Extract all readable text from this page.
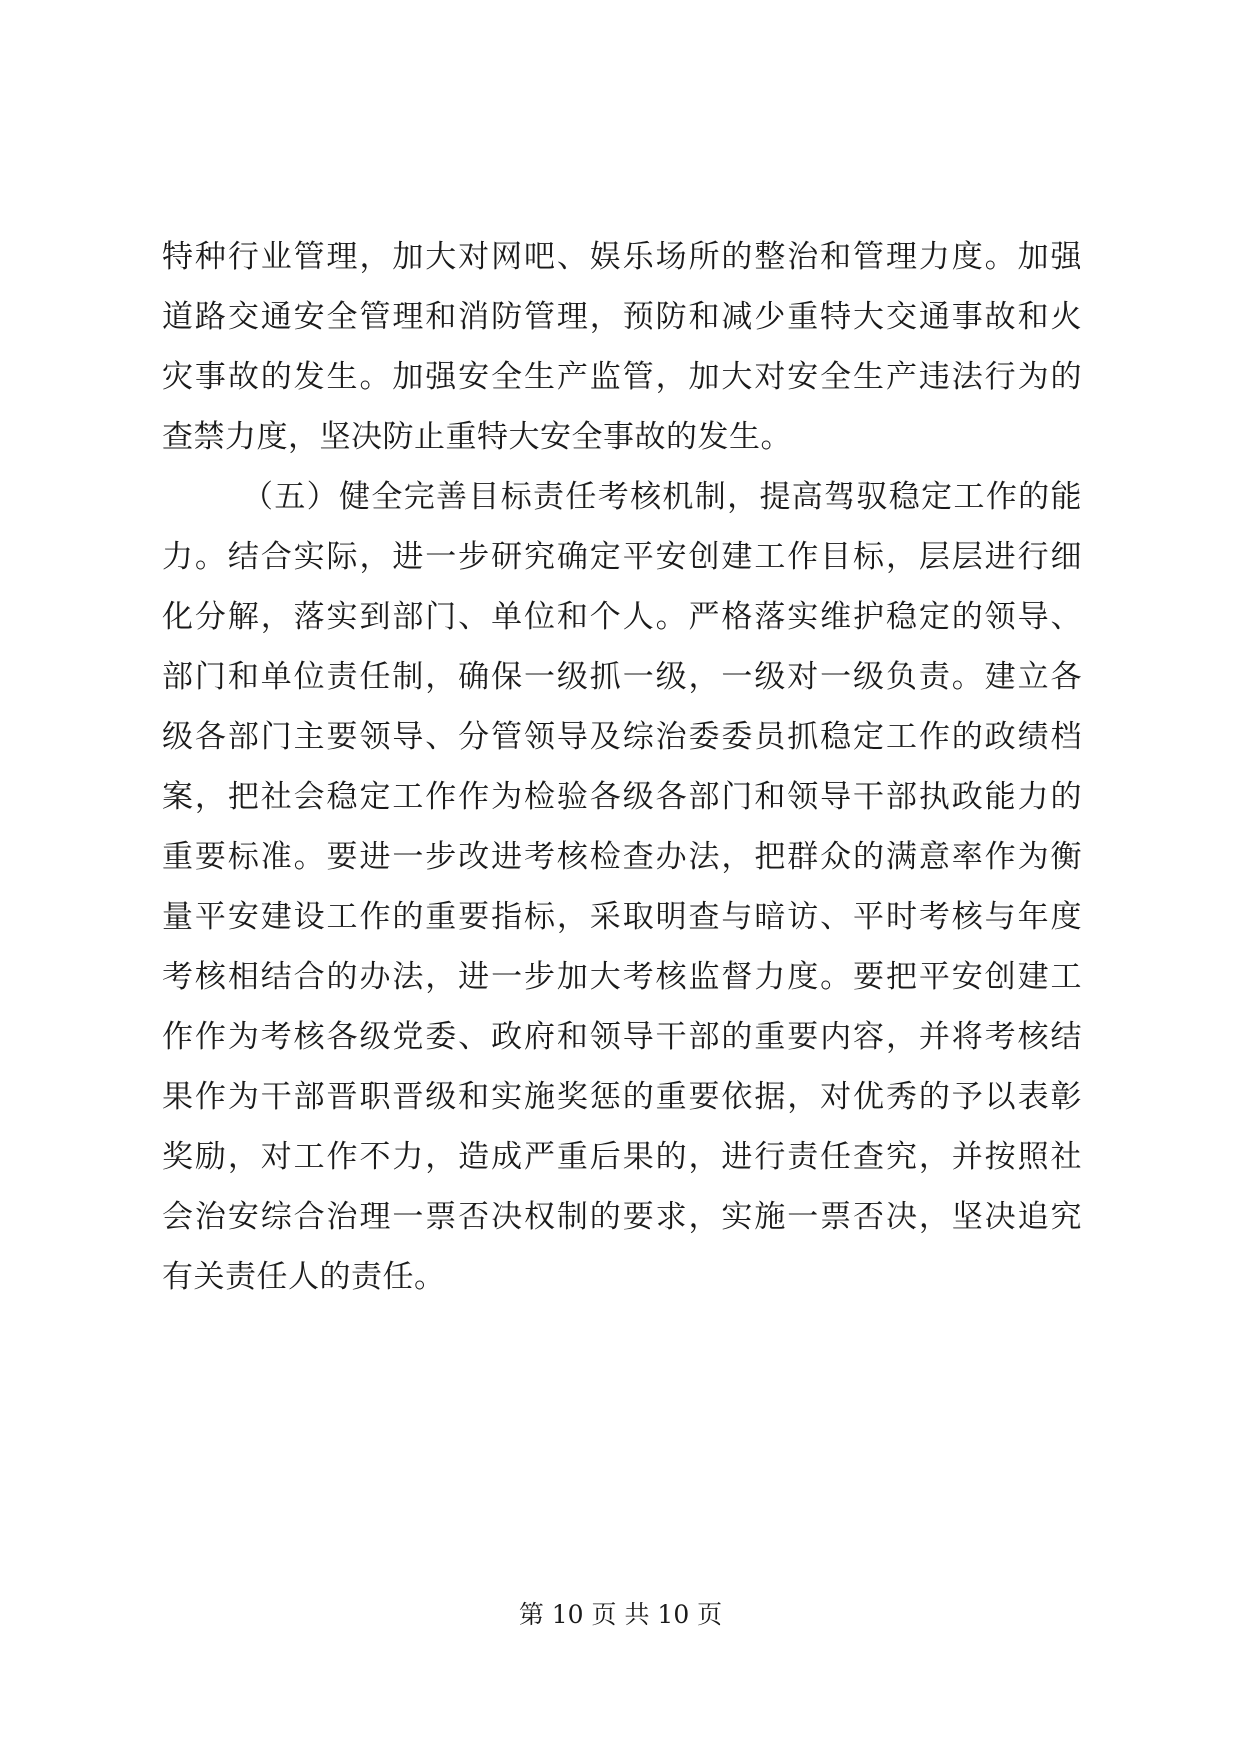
特种行业管理，加大对网吧、娱乐场所的整治和管理力度。加强
道路交通安全管理和消防管理，预防和减少重特大交通事故和火
灾事故的发生。加强安全生产监管，加大对安全生产违法行为的
查禁力度，坚决防止重特大安全事故的发生。
（五）健全完善目标责任考核机制，提高驾驭稳定工作的能
力。结合实际，进一步研究确定平安创建工作目标，层层进行细
化分解，落实到部门、单位和个人。严格落实维护稳定的领导、
部门和单位责任制，确保一级抓一级，一级对一级负责。建立各
级各部门主要领导、分管领导及综治委委员抓稳定工作的政绩档
案，把社会稳定工作作为检验各级各部门和领导干部执政能力的
重要标准。要进一步改进考核检查办法，把群众的满意率作为衡
量平安建设工作的重要指标，采取明查与暗访、平时考核与年度
考核相结合的办法，进一步加大考核监督力度。要把平安创建工
作作为考核各级党委、政府和领导干部的重要内容，并将考核结
果作为干部晋职晋级和实施奖惩的重要依据，对优秀的予以表彰
奖励，对工作不力，造成严重后果的，进行责任查究，并按照社
会治安综合治理一票否决权制的要求，实施一票否决，坚决追究
有关责任人的责任。
第 10 页 共 10 页
